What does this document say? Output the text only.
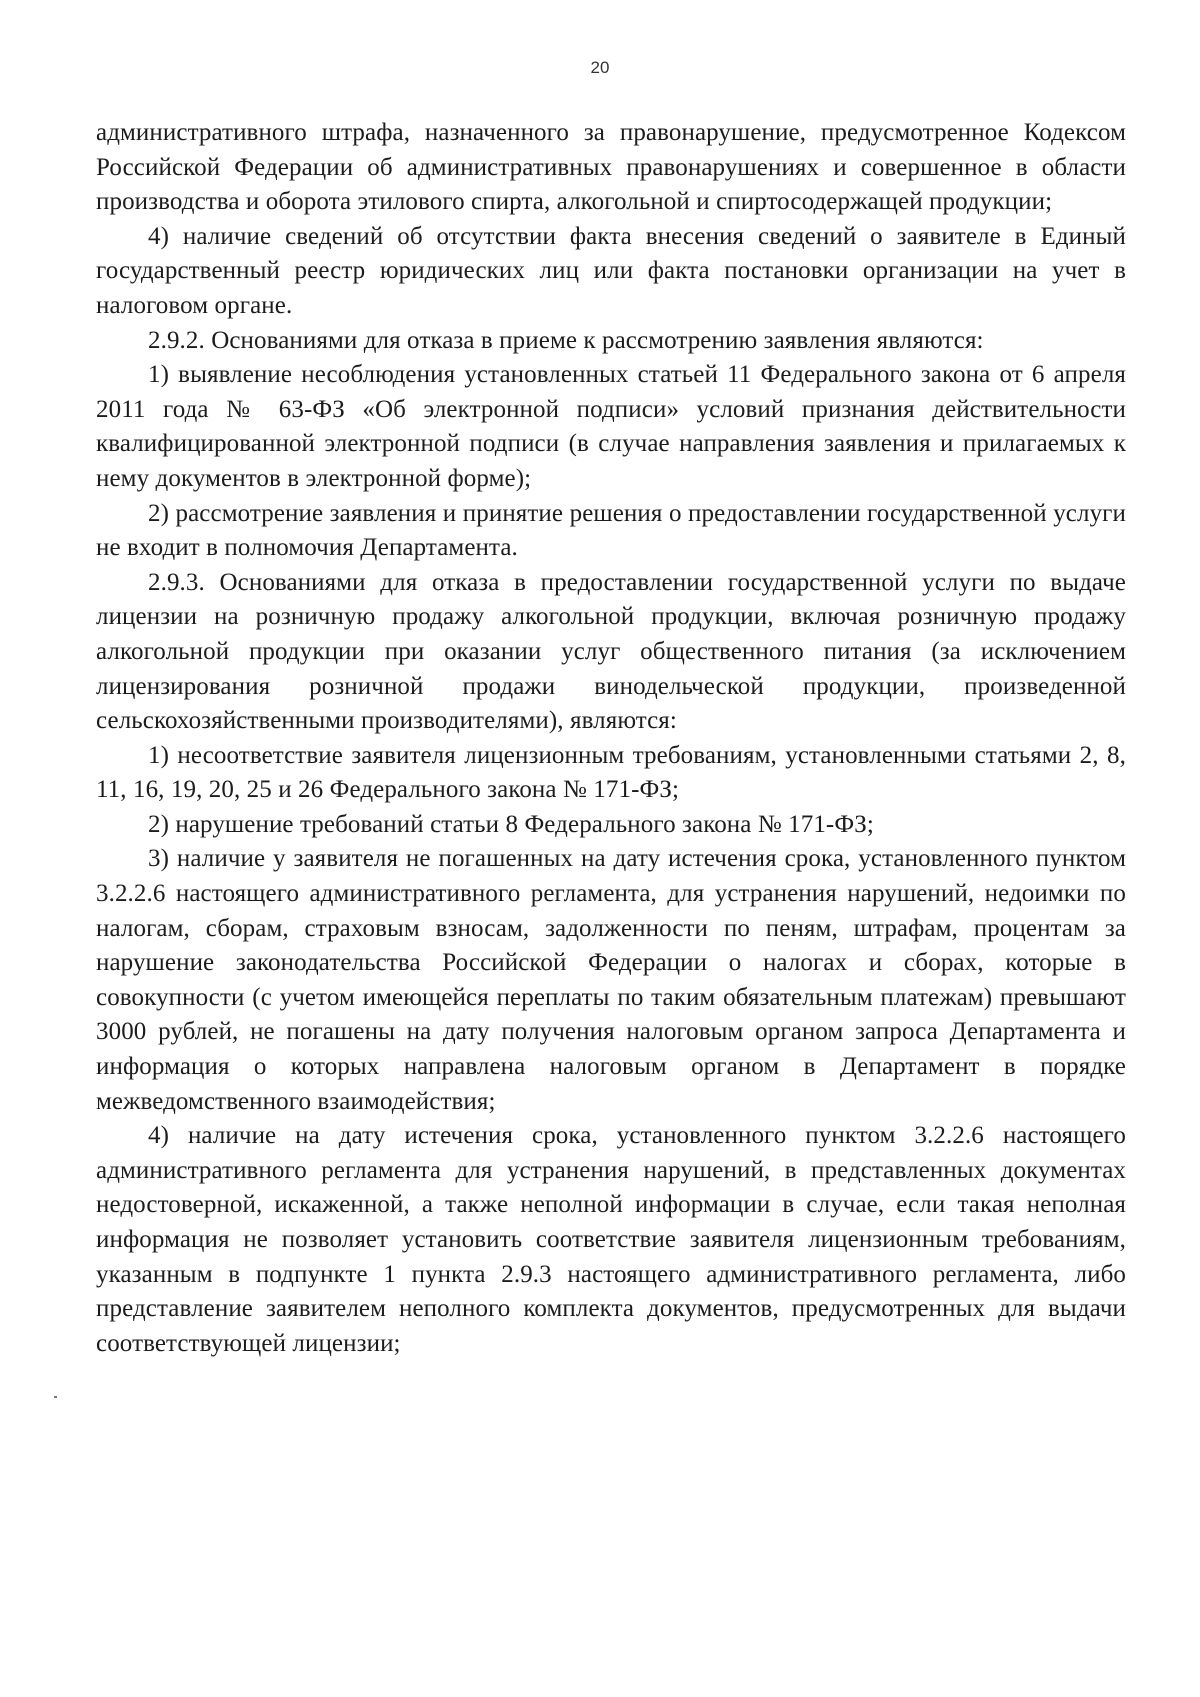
20

административного штрафа, назначенного за правонарушение, предусмотренное Кодексом Российской Федерации об административных правонарушениях и совершенное в области производства и оборота этилового спирта, алкогольной и спиртосодержащей продукции;

4) наличие сведений об отсутствии факта внесения сведений о заявителе в Единый государственный реестр юридических лиц или факта постановки организации на учет в налоговом органе.

2.9.2. Основаниями для отказа в приеме к рассмотрению заявления являются:

1) выявление несоблюдения установленных статьей 11 Федерального закона от 6 апреля 2011 года № 63-ФЗ «Об электронной подписи» условий признания действительности квалифицированной электронной подписи (в случае направления заявления и прилагаемых к нему документов в электронной форме);

2) рассмотрение заявления и принятие решения о предоставлении государственной услуги не входит в полномочия Департамента.

2.9.3. Основаниями для отказа в предоставлении государственной услуги по выдаче лицензии на розничную продажу алкогольной продукции, включая розничную продажу алкогольной продукции при оказании услуг общественного питания (за исключением лицензирования розничной продажи винодельческой продукции, произведенной сельскохозяйственными производителями), являются:

1) несоответствие заявителя лицензионным требованиям, установленными статьями 2, 8, 11, 16, 19, 20, 25 и 26 Федерального закона № 171-ФЗ;

2) нарушение требований статьи 8 Федерального закона № 171-ФЗ;

3) наличие у заявителя не погашенных на дату истечения срока, установленного пунктом 3.2.2.6 настоящего административного регламента, для устранения нарушений, недоимки по налогам, сборам, страховым взносам, задолженности по пеням, штрафам, процентам за нарушение законодательства Российской Федерации о налогах и сборах, которые в совокупности (с учетом имеющейся переплаты по таким обязательным платежам) превышают 3000 рублей, не погашены на дату получения налоговым органом запроса Департамента и информация о которых направлена налоговым органом в Департамент в порядке межведомственного взаимодействия;

4) наличие на дату истечения срока, установленного пунктом 3.2.2.6 настоящего административного регламента для устранения нарушений, в представленных документах недостоверной, искаженной, а также неполной информации в случае, если такая неполная информация не позволяет установить соответствие заявителя лицензионным требованиям, указанным в подпункте 1 пункта 2.9.3 настоящего административного регламента, либо представление заявителем неполного комплекта документов, предусмотренных для выдачи соответствующей лицензии;
